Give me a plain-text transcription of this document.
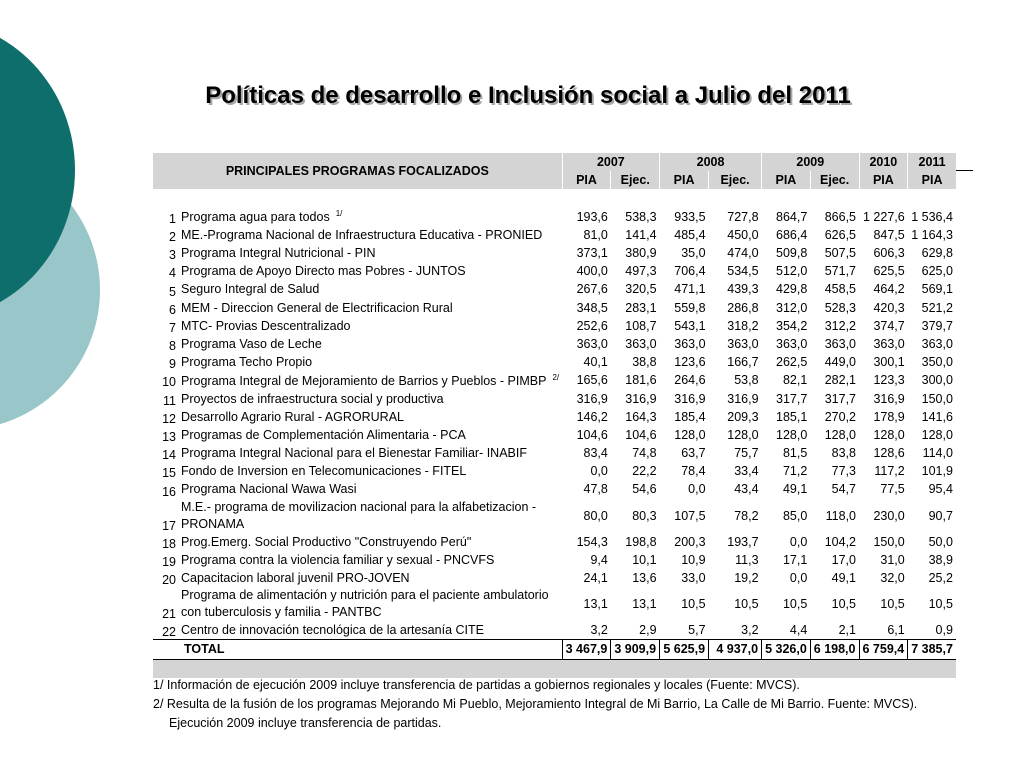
Políticas de desarrollo e Inclusión social a Julio del 2011
PRINCIPALES PROGRAMAS FOCALIZADOS		2007		2008		2009		2010	2011
		PIA	Ejec.	PIA	Ejec.	PIA	Ejec.	PIA	PIA

1	Programa agua para todos $^{1/}$	193,6	538,3	933,5	727,8	864,7	866,5	1 227,6	1 536,4
2	ME.-Programa Nacional de Infraestructura Educativa - PRONIED	81,0	141,4	485,4	450,0	686,4	626,5	847,5	1 164,3
3	Programa Integral Nutricional - PIN	373,1	380,9	35,0	474,0	509,8	507,5	606,3	629,8
4	Programa de Apoyo Directo mas Pobres - JUNTOS	400,0	497,3	706,4	534,5	512,0	571,7	625,5	625,0
5	Seguro Integral de Salud	267,6	320,5	471,1	439,3	429,8	458,5	464,2	569,1
6	MEM - Direccion General de Electrificacion Rural	348,5	283,1	559,8	286,8	312,0	528,3	420,3	521,2
7	MTC- Provias Descentralizado	252,6	108,7	543,1	318,2	354,2	312,2	374,7	379,7
8	Programa Vaso de Leche	363,0	363,0	363,0	363,0	363,0	363,0	363,0	363,0
9	Programa Techo Propio	40,1	38,8	123,6	166,7	262,5	449,0	300,1	350,0
10	Programa Integral de Mejoramiento de Barrios y Pueblos - PIMBP $^{2/}$	165,6	181,6	264,6	53,8	82,1	282,1	123,3	300,0
11	Proyectos de infraestructura social y productiva	316,9	316,9	316,9	316,9	317,7	317,7	316,9	150,0
12	Desarrollo Agrario Rural - AGRORURAL	146,2	164,3	185,4	209,3	185,1	270,2	178,9	141,6
13	Programas de Complementación Alimentaria - PCA	104,6	104,6	128,0	128,0	128,0	128,0	128,0	128,0
14	Programa Integral Nacional para el Bienestar Familiar- INABIF	83,4	74,8	63,7	75,7	81,5	83,8	128,6	114,0
15	Fondo de Inversion en Telecomunicaciones - FITEL	0,0	22,2	78,4	33,4	71,2	77,3	117,2	101,9
16	Programa Nacional Wawa Wasi	47,8	54,6	0,0	43,4	49,1	54,7	77,5	95,4
17	M.E.- programa de movilizacion nacional para la alfabetizacion -
PRONAMA	80,0	80,3	107,5	78,2	85,0	118,0	230,0	90,7
18	Prog.Emerg. Social Productivo "Construyendo Perú"	154,3	198,8	200,3	193,7	0,0	104,2	150,0	50,0
19	Programa contra la violencia familiar y sexual - PNCVFS	9,4	10,1	10,9	11,3	17,1	17,0	31,0	38,9
20	Capacitacion laboral juvenil PRO-JOVEN	24,1	13,6	33,0	19,2	0,0	49,1	32,0	25,2
21	Programa de alimentación y nutrición para el paciente ambulatorio
con tuberculosis y familia - PANTBC	13,1	13,1	10,5	10,5	10,5	10,5	10,5	10,5
22	Centro de innovación tecnológica de la artesanía CITE	3,2	2,9	5,7	3,2	4,4	2,1	6,1	0,9
	TOTAL	3 467,9	3 909,9	5 625,9	4 937,0	5 326,0	6 198,0	6 759,4	7 385,7

1/ Información de ejecución 2009 incluye transferencia de partidas a gobiernos regionales y locales (Fuente: MVCS).
2/ Resulta de la fusión de los programas Mejorando Mi Pueblo, Mejoramiento Integral de Mi Barrio, La Calle de Mi Barrio. Fuente: MVCS).
Ejecución 2009 incluye transferencia de partidas.
